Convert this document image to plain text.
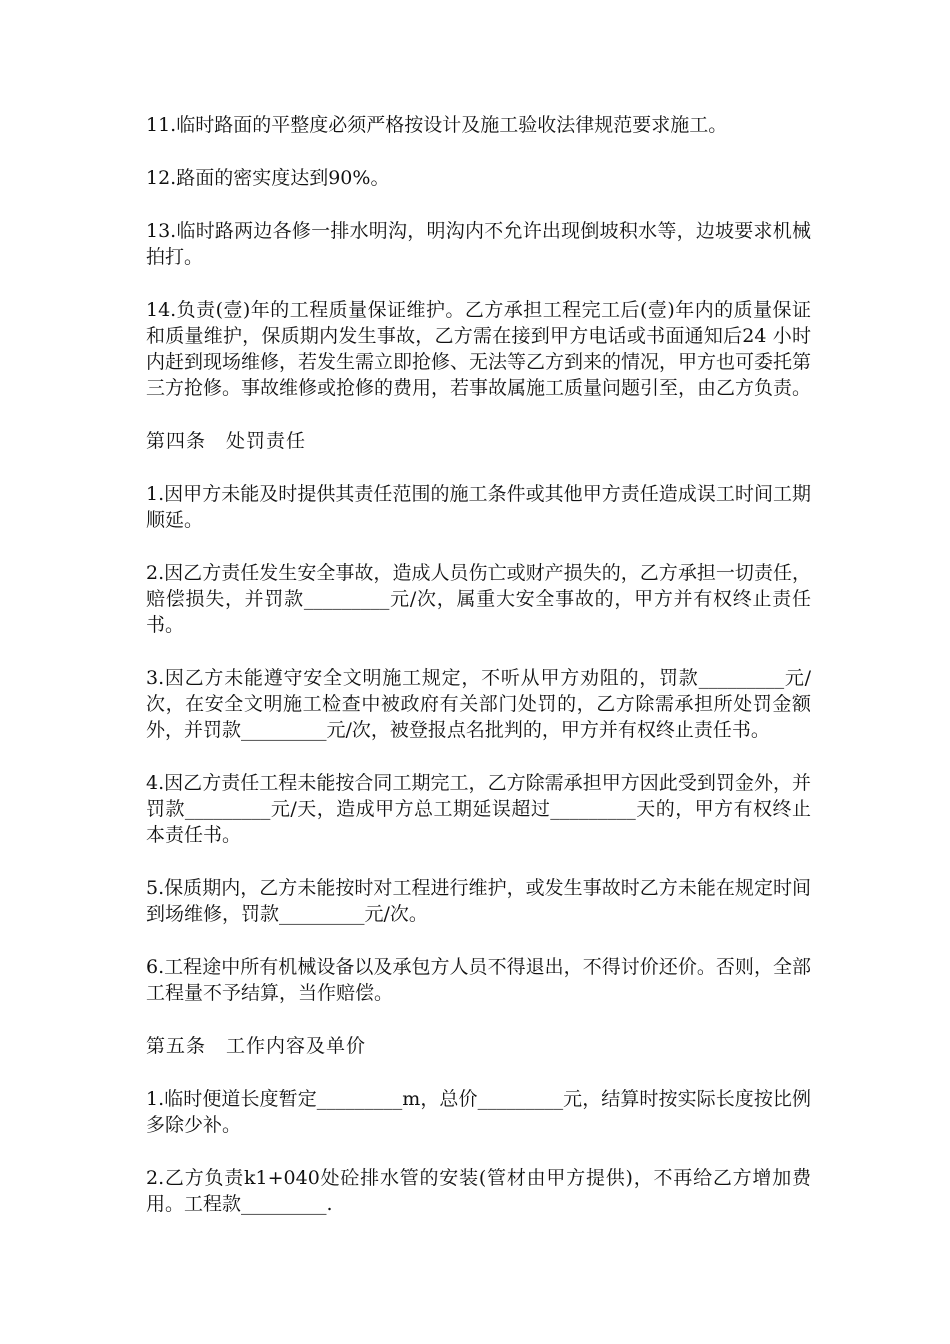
11.临时路面的平整度必须严格按设计及施工验收法律规范要求施工。

12.路面的密实度达到90%。

13.临时路两边各修一排水明沟，明沟内不允许出现倒坡积水等，边坡要求机械拍打。

14.负责(壹)年的工程质量保证维护。乙方承担工程完工后(壹)年内的质量保证和质量维护，保质期内发生事故，乙方需在接到甲方电话或书面通知后24 小时内赶到现场维修，若发生需立即抢修、无法等乙方到来的情况，甲方也可委托第三方抢修。事故维修或抢修的费用，若事故属施工质量问题引至，由乙方负责。

第四条　处罚责任

1.因甲方未能及时提供其责任范围的施工条件或其他甲方责任造成误工时间工期顺延。

2.因乙方责任发生安全事故，造成人员伤亡或财产损失的，乙方承担一切责任，赔偿损失，并罚款_________元/次，属重大安全事故的，甲方并有权终止责任书。

3.因乙方未能遵守安全文明施工规定，不听从甲方劝阻的，罚款_________元/次，在安全文明施工检查中被政府有关部门处罚的，乙方除需承担所处罚金额外，并罚款_________元/次，被登报点名批判的，甲方并有权终止责任书。

4.因乙方责任工程未能按合同工期完工，乙方除需承担甲方因此受到罚金外，并罚款_________元/天，造成甲方总工期延误超过_________天的，甲方有权终止本责任书。

5.保质期内，乙方未能按时对工程进行维护，或发生事故时乙方未能在规定时间到场维修，罚款_________元/次。

6.工程途中所有机械设备以及承包方人员不得退出，不得讨价还价。否则，全部工程量不予结算，当作赔偿。

第五条　工作内容及单价

1.临时便道长度暂定_________m，总价_________元，结算时按实际长度按比例多除少补。

2.乙方负责k1+040处砼排水管的安装(管材由甲方提供)，不再给乙方增加费用。工程款_________.
